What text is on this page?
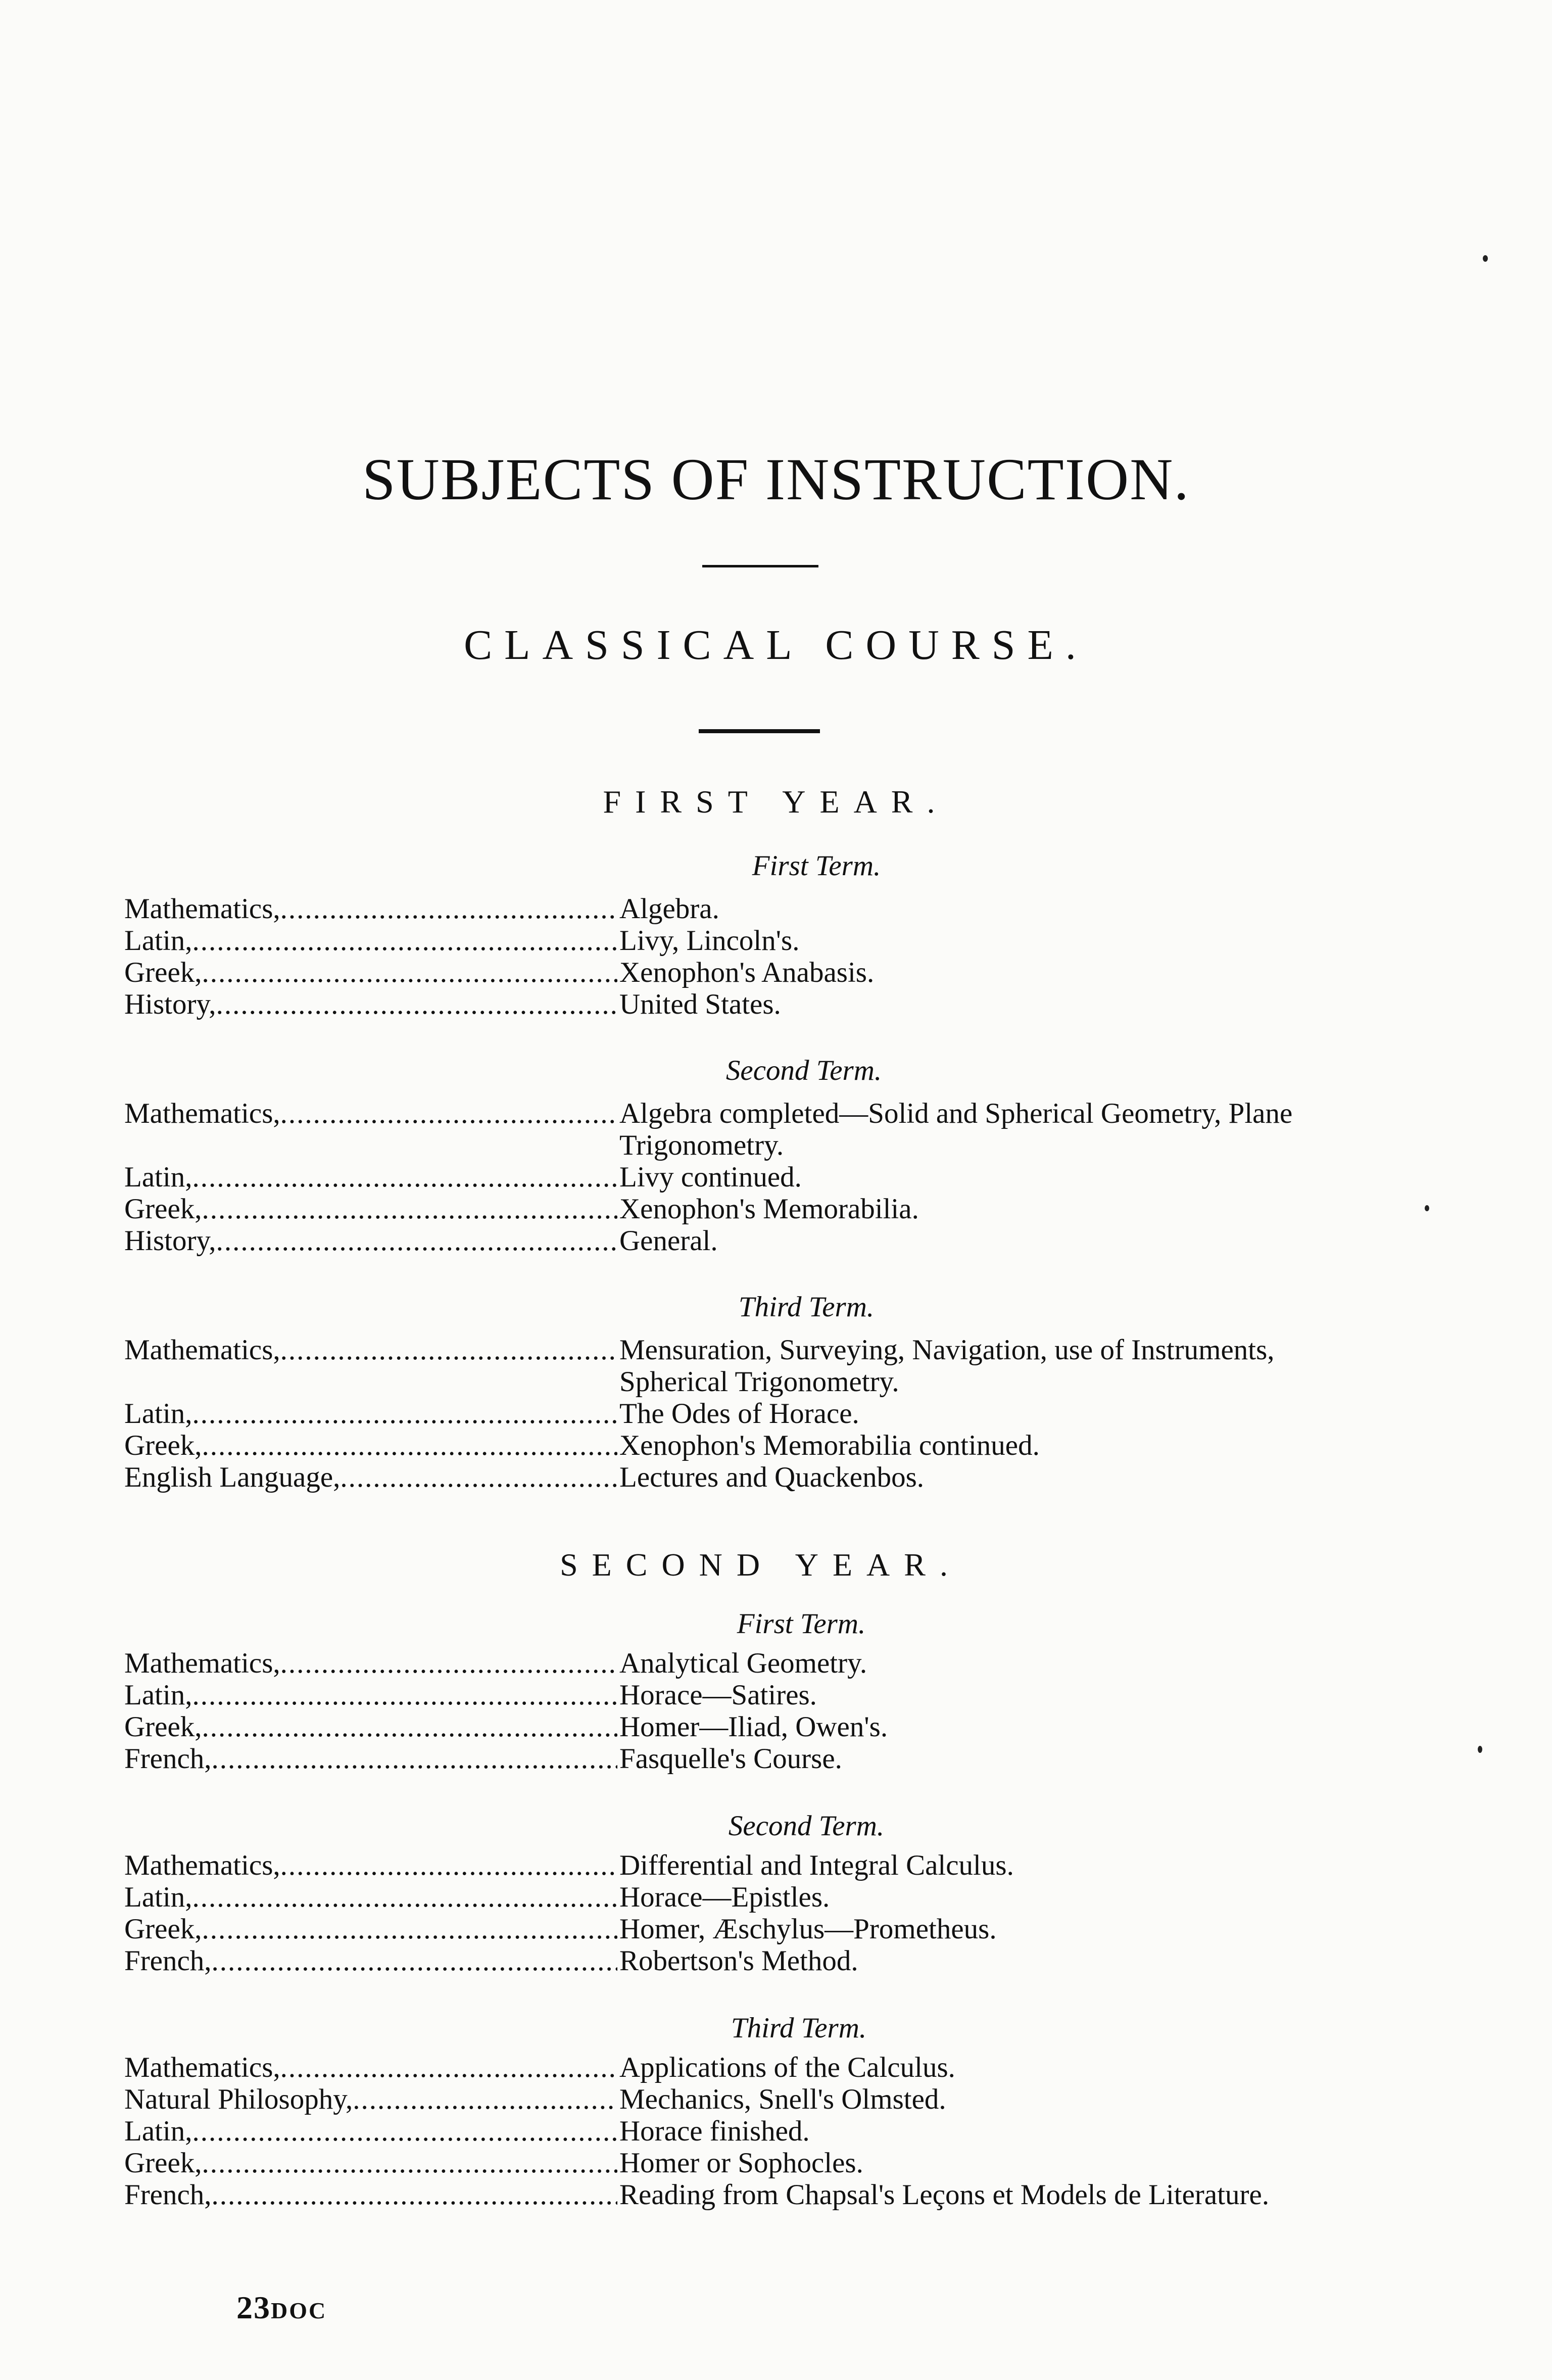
SUBJECTS OF INSTRUCTION.
CLASSICAL COURSE.
FIRST YEAR.
First Term.
Second Term.
Third Term.
SECOND YEAR.
First Term.
Second Term.
Third Term.
Mathematics, .....	Algebra.
Latin, .....	Livy, Lincoln's.
Greek, .....	Xenophon's Anabasis.
History, .....	United States.
Mathematics, .....	Algebra completed—Solid and Spherical Geometry, Plane Trigonometry.
Latin, .....	Livy continued.
Greek, .....	Xenophon's Memorabilia.
History, .....	General.
Mathematics, .....	Mensuration, Surveying, Navigation, use of Instruments, Spherical Trigonometry.
Latin, .....	The Odes of Horace.
Greek, .....	Xenophon's Memorabilia continued.
English Language, .....	Lectures and Quackenbos.
Mathematics, .....	Analytical Geometry.
Latin, .....	Horace—Satires.
Greek, .....	Homer—Iliad, Owen's.
French, .....	Fasquelle's Course.
Mathematics, .....	Differential and Integral Calculus.
Latin, .....	Horace—Epistles.
Greek, .....	Homer, Æschylus—Prometheus.
French, .....	Robertson's Method.
Mathematics, .....	Applications of the Calculus.
Natural Philosophy, .....	Mechanics, Snell's Olmsted.
Latin, .....	Horace finished.
Greek, .....	Homer or Sophocles.
French, .....	Reading from Chapsal's Leçons et Models de Literature.
23DOC
